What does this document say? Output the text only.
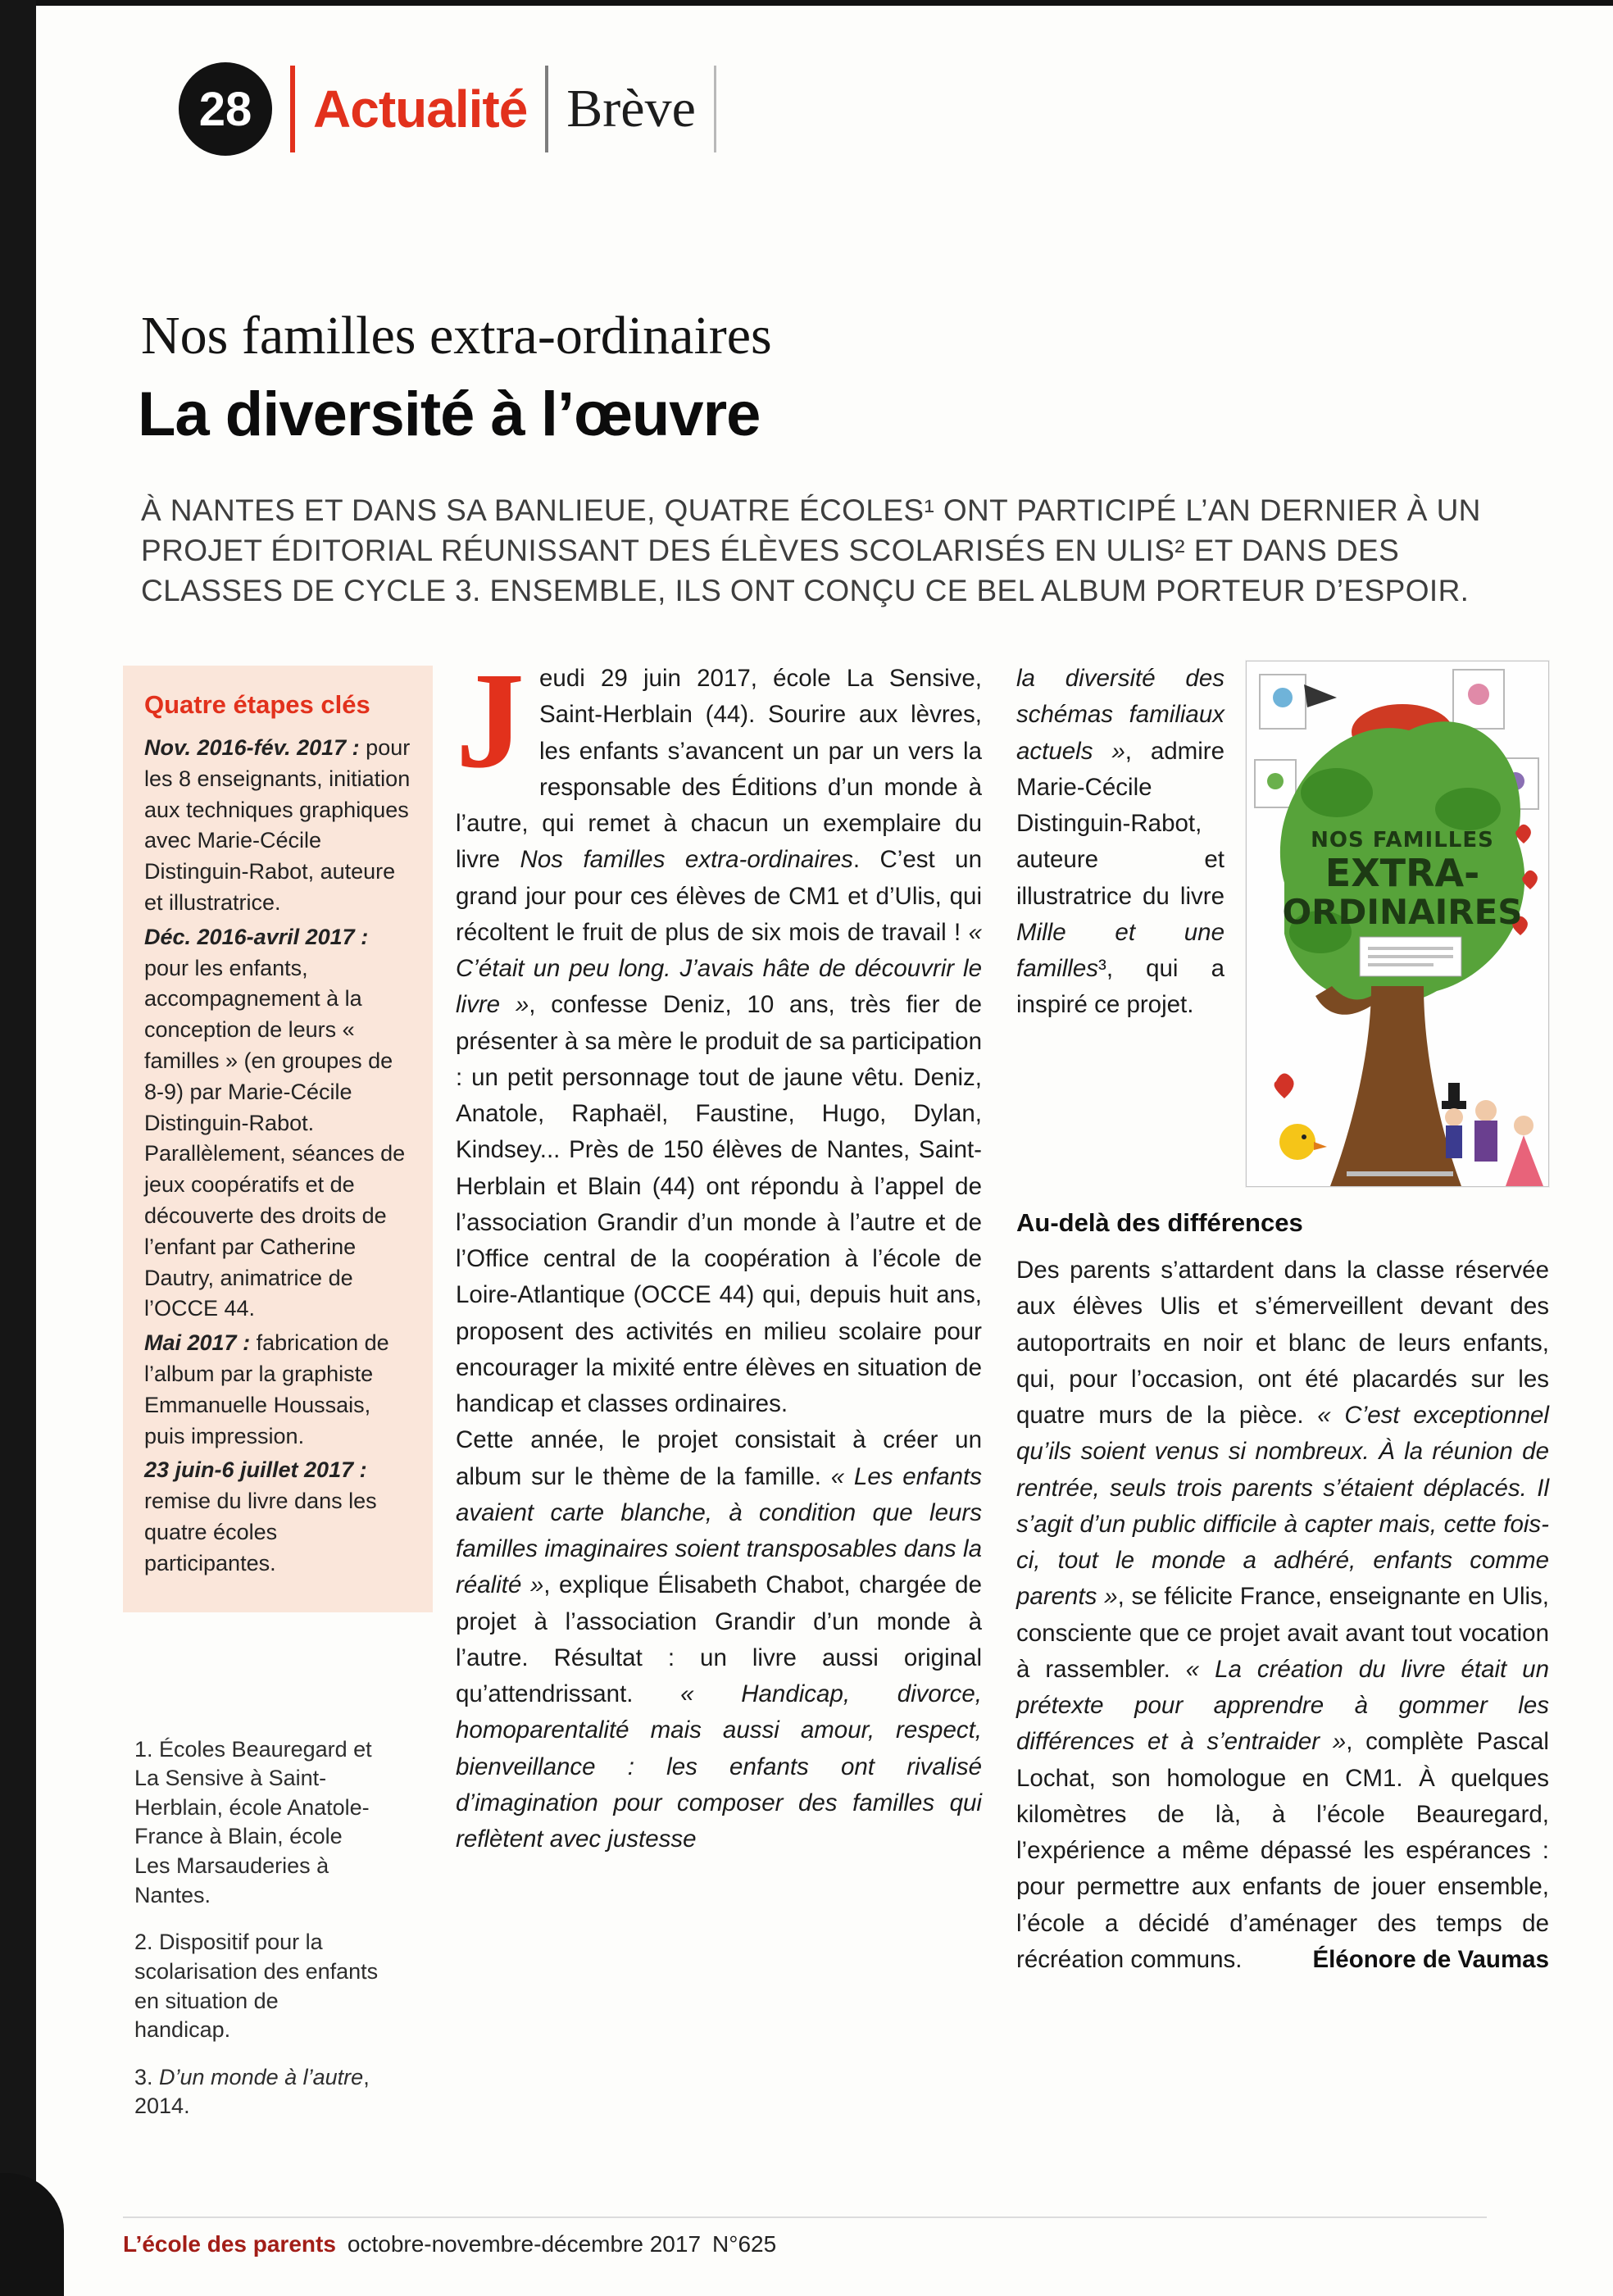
28	Actualité Brève
Nos familles extra-ordinaires
La diversité à l’œuvre
À NANTES ET DANS SA BANLIEUE, QUATRE ÉCOLES¹ ONT PARTICIPÉ L’AN DERNIER À UN PROJET ÉDITORIAL RÉUNISSANT DES ÉLÈVES SCOLARISÉS EN ULIS² ET DANS DES CLASSES DE CYCLE 3. ENSEMBLE, ILS ONT CONÇU CE BEL ALBUM PORTEUR D’ESPOIR.
Quatre étapes clés

Nov. 2016-fév. 2017 : pour les 8 enseignants, initiation aux techniques graphiques avec Marie-Cécile Distinguin-Rabot, auteure et illustratrice.

Déc. 2016-avril 2017 : pour les enfants, accompagnement à la conception de leurs « familles » (en groupes de 8-9) par Marie-Cécile Distinguin-Rabot. Parallèlement, séances de jeux coopératifs et de découverte des droits de l’enfant par Catherine Dautry, animatrice de l’OCCE 44.

Mai 2017 : fabrication de l’album par la graphiste Emmanuelle Houssais, puis impression.

23 juin-6 juillet 2017 : remise du livre dans les quatre écoles participantes.

1. Écoles Beauregard et La Sensive à Saint-Herblain, école Anatole-France à Blain, école Les Marsauderies à Nantes.

2. Dispositif pour la scolarisation des enfants en situation de handicap.

3. D’un monde à l’autre, 2014.

J eudi 29 juin 2017, école La Sensive, Saint-Herblain (44). Sourire aux lèvres, les enfants s’avancent un par un vers la responsable des Éditions d’un monde à l’autre, qui remet à chacun un exemplaire du livre Nos familles extra-ordinaires. C’est un grand jour pour ces élèves de CM1 et d’Ulis, qui récoltent le fruit de plus de six mois de travail ! « C’était un peu long. J’avais hâte de découvrir le livre », confesse Deniz, 10 ans, très fier de présenter à sa mère le produit de sa participation : un petit personnage tout de jaune vêtu. Deniz, Anatole, Raphaël, Faustine, Hugo, Dylan, Kindsey... Près de 150 élèves de Nantes, Saint-Herblain et Blain (44) ont répondu à l’appel de l’association Grandir d’un monde à l’autre et de l’Office central de la coopération à l’école de Loire-Atlantique (OCCE 44) qui, depuis huit ans, proposent des activités en milieu scolaire pour encourager la mixité entre élèves en situation de handicap et classes ordinaires.

Cette année, le projet consistait à créer un album sur le thème de la famille. « Les enfants avaient carte blanche, à condition que leurs familles imaginaires soient transposables dans la réalité », explique Élisabeth Chabot, chargée de projet à l’association Grandir d’un monde à l’autre. Résultat : un livre aussi original qu’attendrissant. « Handicap, divorce, homoparentalité mais aussi amour, respect, bienveillance : les enfants ont rivalisé d’imagination pour composer des familles qui reflètent avec justesse

NOS FAMILLES
EXTRA-
ORDINAIRES

la diversité des schémas familiaux actuels », admire Marie-Cécile Distinguin-Rabot, auteure et illustratrice du livre Mille et une familles³, qui a inspiré ce projet.

Au-delà des différences

Des parents s’attardent dans la classe réservée aux élèves Ulis et s’émerveillent devant des autoportraits en noir et blanc de leurs enfants, qui, pour l’occasion, ont été placardés sur les quatre murs de la pièce. « C’est exceptionnel qu’ils soient venus si nombreux. À la réunion de rentrée, seuls trois parents s’étaient déplacés. Il s’agit d’un public difficile à capter mais, cette fois-ci, tout le monde a adhéré, enfants comme parents », se félicite France, enseignante en Ulis, consciente que ce projet avait avant tout vocation à rassembler. « La création du livre était un prétexte pour apprendre à gommer les différences et à s’entraider », complète Pascal Lochat, son homologue en CM1. À quelques kilomètres de là, à l’école Beauregard, l’expérience a même dépassé les espérances : pour permettre aux enfants de jouer ensemble, l’école a décidé d’aménager des temps de récréation communs.	Éléonore de Vaumas

L’école des parents octobre-novembre-décembre 2017 N°625
